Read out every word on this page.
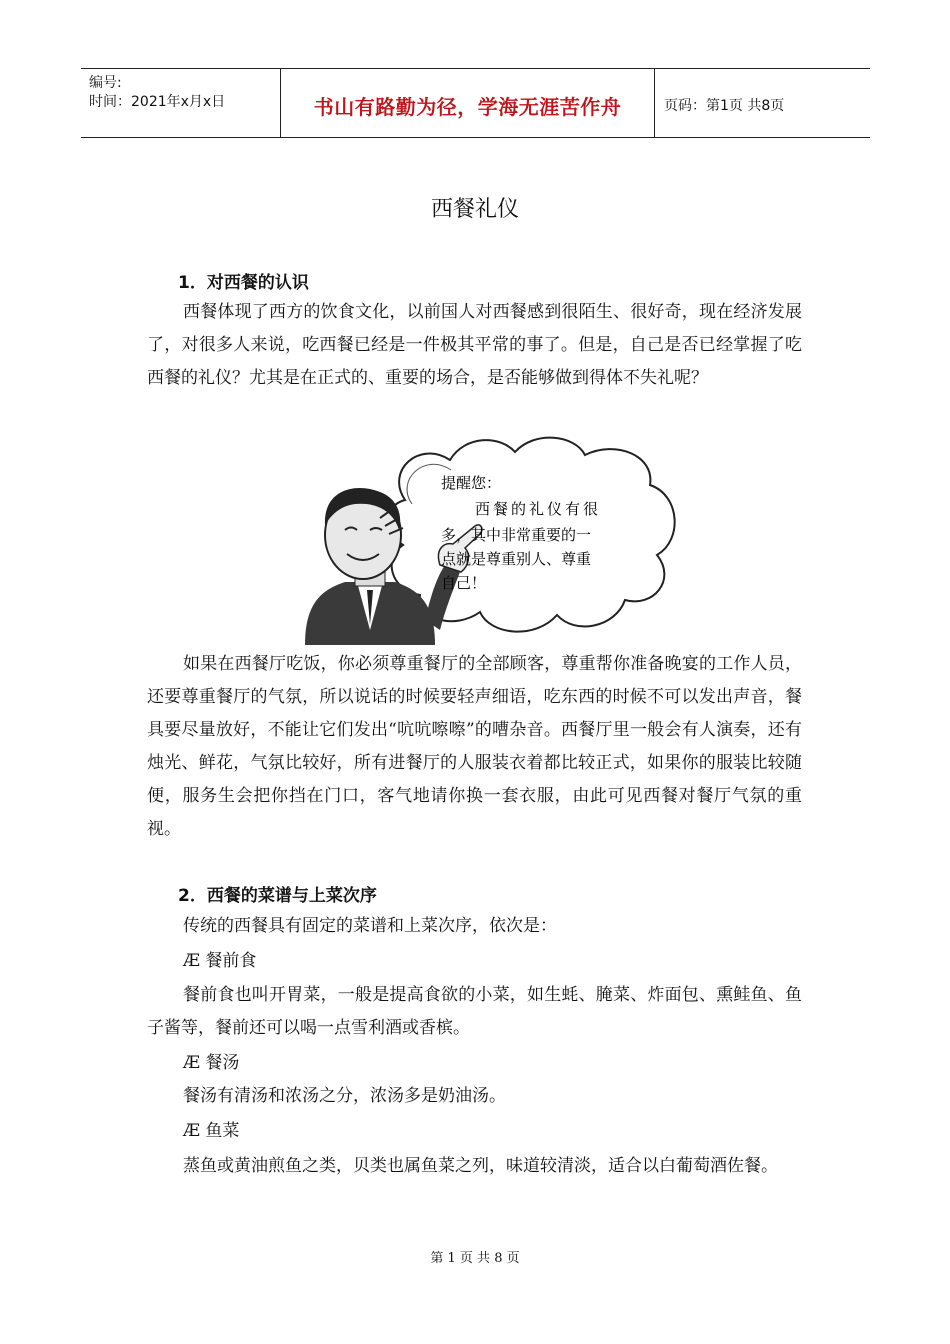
编号:
时间：2021年x月x日	书山有路勤为径，学海无涯苦作舟	页码：第1页 共8页
西餐礼仪
1．对西餐的认识
西餐体现了西方的饮食文化，以前国人对西餐感到很陌生、很好奇，现在经济发展了，对很多人来说，吃西餐已经是一件极其平常的事了。但是，自己是否已经掌握了吃西餐的礼仪？尤其是在正式的、重要的场合，是否能够做到得体不失礼呢？
提醒您：
西餐的礼仪有很
多，其中非常重要的一
点就是尊重别人、尊重
自己！
如果在西餐厅吃饭，你必须尊重餐厅的全部顾客，尊重帮你准备晚宴的工作人员，还要尊重餐厅的气氛，所以说话的时候要轻声细语，吃东西的时候不可以发出声音，餐具要尽量放好，不能让它们发出“吭吭嚓嚓”的嘈杂音。西餐厅里一般会有人演奏，还有烛光、鲜花，气氛比较好，所有进餐厅的人服装衣着都比较正式，如果你的服装比较随便，服务生会把你挡在门口，客气地请你换一套衣服，由此可见西餐对餐厅气氛的重视。
2．西餐的菜谱与上菜次序
传统的西餐具有固定的菜谱和上菜次序，依次是：
Æ 餐前食
餐前食也叫开胃菜，一般是提高食欲的小菜，如生蚝、腌菜、炸面包、熏鲑鱼、鱼子酱等，餐前还可以喝一点雪利酒或香槟。
Æ 餐汤
餐汤有清汤和浓汤之分，浓汤多是奶油汤。
Æ 鱼菜
蒸鱼或黄油煎鱼之类，贝类也属鱼菜之列，味道较清淡，适合以白葡萄酒佐餐。
第 1 页 共 8 页
